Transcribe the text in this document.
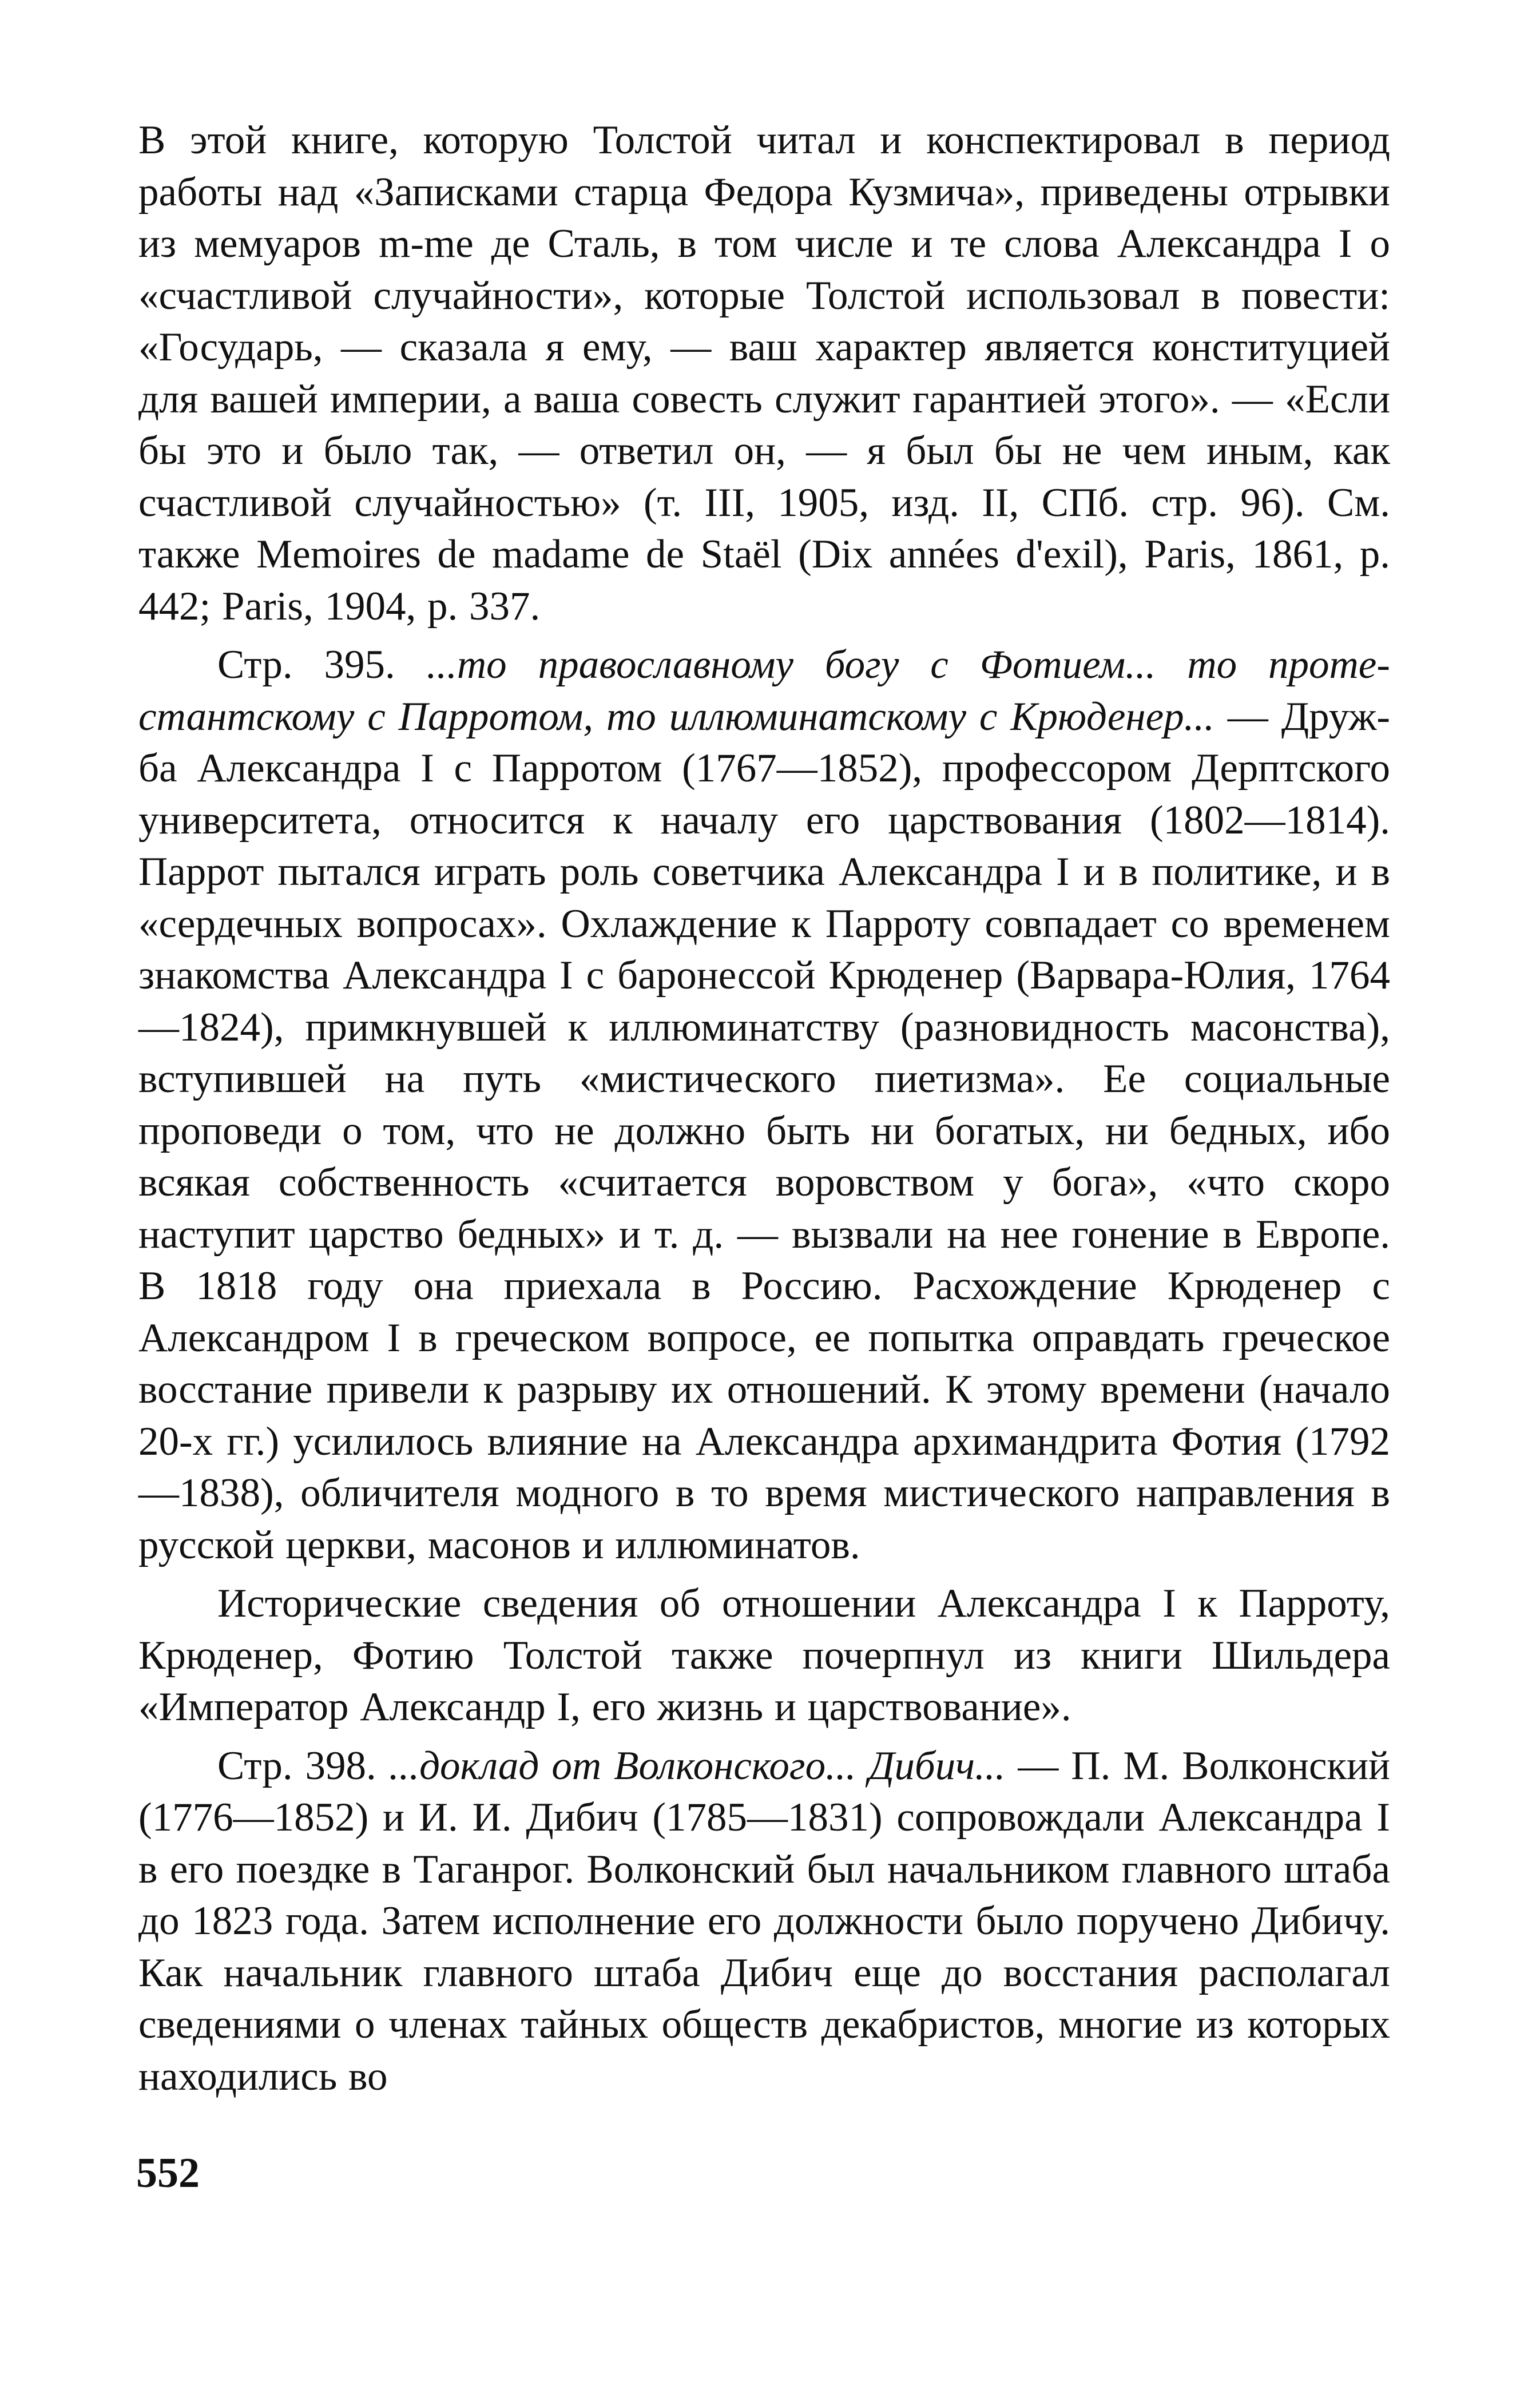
В этой книге, которую Толстой читал и конспектировал в период работы над «Записками старца Федора Кузмича», приведены отрывки из мемуаров m-me де Сталь, в том числе и те слова Александра I о «счастливой случайности», которые Толстой использовал в повести: «Государь, — сказала я ему, — ваш характер является конституцией для вашей империи, а ваша совесть служит гарантией этого». — «Если бы это и было так, — ответил он, — я был бы не чем иным, как счастливой случайностью» (т. III, 1905, изд. II, СПб. стр. 96). См. также Memoires de madame de Staël (Dix années d'exil), Paris, 1861, p. 442; Paris, 1904, p. 337.

Стр. 395. ...то православному богу с Фотием... то протестантскому с Парротом, то иллюминатскому с Крюденер... — Дружба Александра I с Парротом (1767—1852), профессором Дерптского университета, относится к началу его царствования (1802—1814). Паррот пытался играть роль советчика Александра I и в политике, и в «сердечных вопросах». Охлаждение к Парроту совпадает со временем знакомства Александра I с баронессой Крюденер (Варвара-Юлия, 1764—1824), примкнувшей к иллюминатству (разновидность масонства), вступившей на путь «мистического пиетизма». Ее социальные проповеди о том, что не должно быть ни богатых, ни бедных, ибо всякая собственность «считается воровством у бога», «что скоро наступит царство бедных» и т. д. — вызвали на нее гонение в Европе. В 1818 году она приехала в Россию. Расхождение Крюденер с Александром I в греческом вопросе, ее попытка оправдать греческое восстание привели к разрыву их отношений. К этому времени (начало 20-х гг.) усилилось влияние на Александра архимандрита Фотия (1792—1838), обличителя модного в то время мистического направления в русской церкви, масонов и иллюминатов.

Исторические сведения об отношении Александра I к Парроту, Крюденер, Фотию Толстой также почерпнул из книги Шильдера «Император Александр I, его жизнь и царствование».

Стр. 398. ...доклад от Волконского... Дибич... — П. М. Волконский (1776—1852) и И. И. Дибич (1785—1831) сопровождали Александра I в его поездке в Таганрог. Волконский был начальником главного штаба до 1823 года. Затем исполнение его должности было поручено Дибичу. Как начальник главного штаба Дибич еще до восстания располагал сведениями о членах тайных обществ декабристов, многие из которых находились во

552
